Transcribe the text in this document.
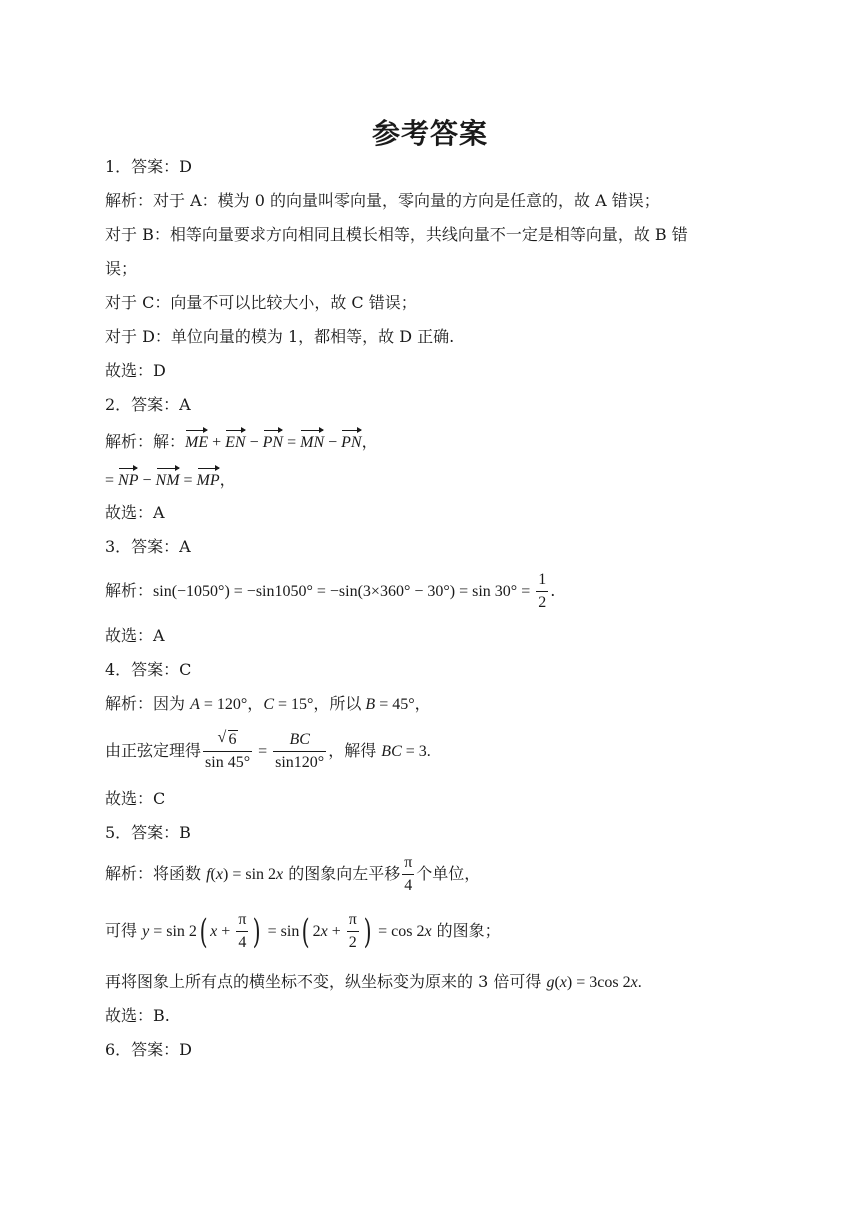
参考答案
1．答案：D
解析：对于 A：模为 0 的向量叫零向量，零向量的方向是任意的，故 A 错误；
对于 B：相等向量要求方向相同且模长相等，共线向量不一定是相等向量，故 B 错
误；
对于 C：向量不可以比较大小，故 C 错误；
对于 D：单位向量的模为 1，都相等，故 D 正确.
故选：D
2．答案：A
解析：解：ME + EN − PN = MN − PN，
= NP − NM = MP，
故选：A
3．答案：A
解析：$\sin(-1050^\circ) = -\sin 1050^\circ = -\sin(3\times 360^\circ - 30^\circ) = \sin 30^\circ = \frac{1}{2}$ .
故选：A
4．答案：C
解析：因为 A = 120°，C = 15°，所以 B = 45°，
由正弦定理得 $\frac{√ 6}{\sin 45^\circ} = \frac{BC}{\sin 120^\circ}$ ，解得 BC = 3.
故选：C
5．答案：B
解析：将函数 f(x) = sin 2x 的图象向左平移 $\frac{\pi}{4}$ 个单位，
可得 y = sin 2( $x + \frac{\pi}{4}$ ) = sin( $2x + \frac{\pi}{2}$ ) = cos 2x 的图象；
再将图象上所有点的横坐标不变，纵坐标变为原来的 3 倍可得 g(x) = 3cos 2x.
故选：B.
6．答案：D
